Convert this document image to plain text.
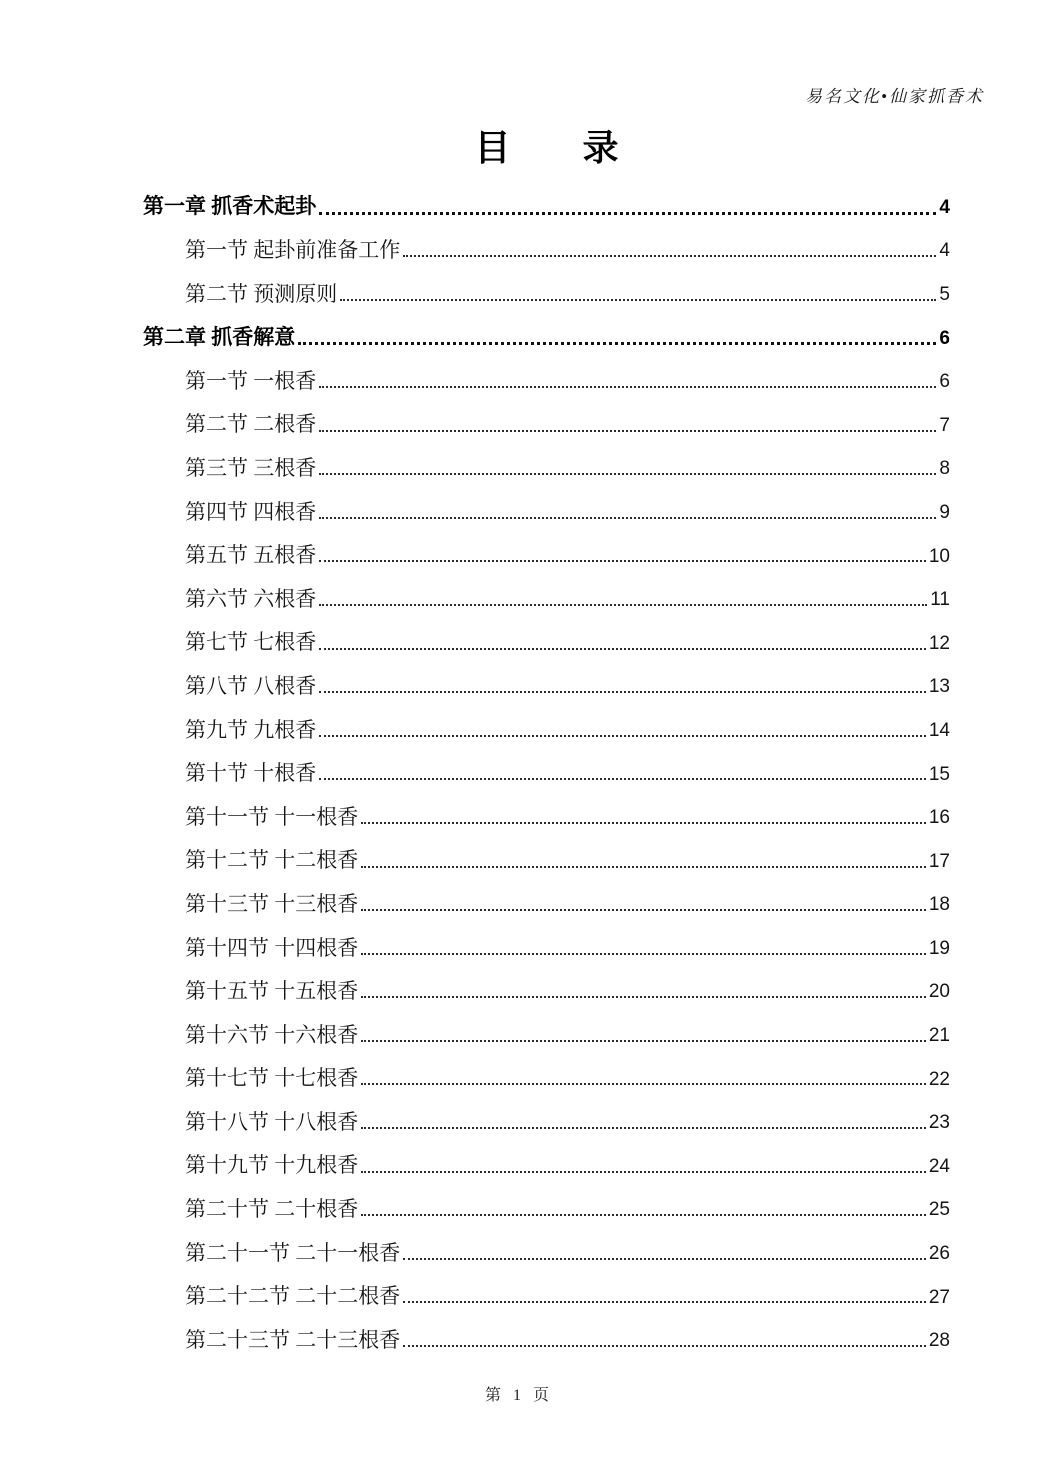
易名文化•仙家抓香术
目　　录
第一章 抓香术起卦	4
第一节 起卦前准备工作	4
第二节 预测原则	5
第二章 抓香解意	6
第一节 一根香	6
第二节 二根香	7
第三节 三根香	8
第四节 四根香	9
第五节 五根香	10
第六节 六根香	11
第七节 七根香	12
第八节 八根香	13
第九节 九根香	14
第十节 十根香	15
第十一节 十一根香	16
第十二节 十二根香	17
第十三节 十三根香	18
第十四节 十四根香	19
第十五节 十五根香	20
第十六节 十六根香	21
第十七节 十七根香	22
第十八节 十八根香	23
第十九节 十九根香	24
第二十节 二十根香	25
第二十一节 二十一根香	26
第二十二节 二十二根香	27
第二十三节 二十三根香	28
第 1 页
